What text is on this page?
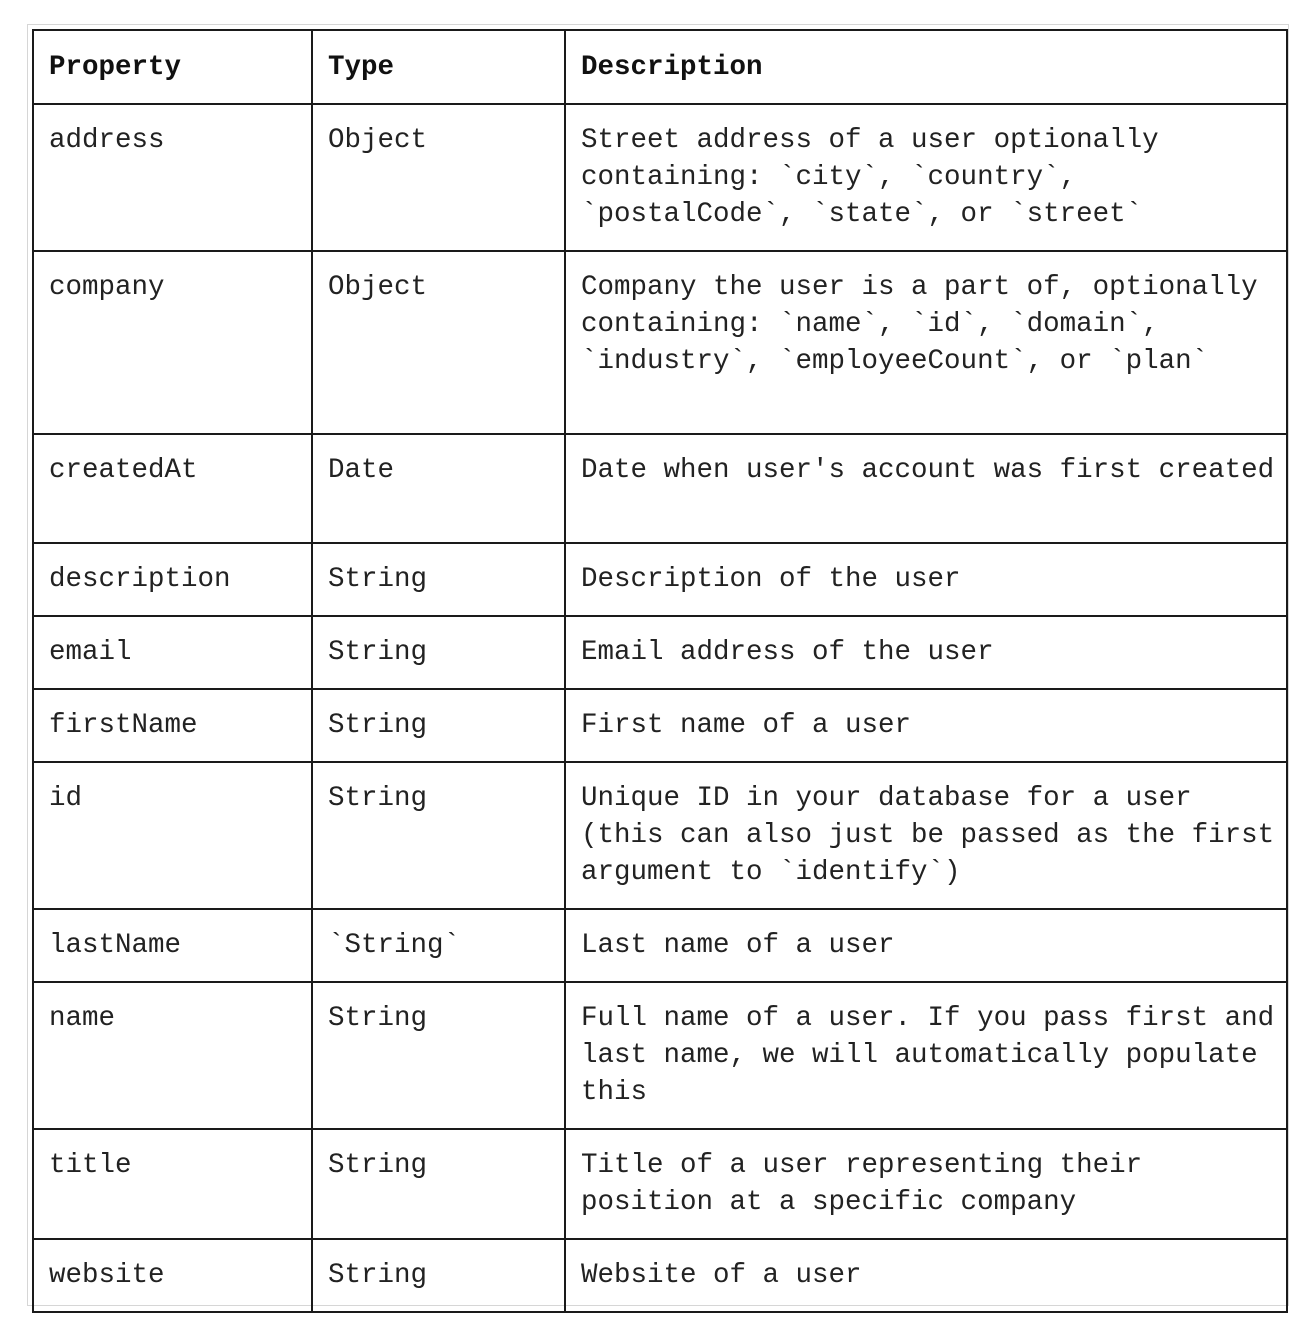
Property	Type	Description
address	Object	Street address of a user optionally containing: `city`, `country`, `postalCode`, `state`, or `street`
company	Object	Company the user is a part of, optionally containing: `name`, `id`, `domain`, `industry`, `employeeCount`, or `plan`
createdAt	Date	Date when user's account was first created
description	String	Description of the user
email	String	Email address of the user
firstName	String	First name of a user
id	String	Unique ID in your database for a user (this can also just be passed as the first argument to `identify`)
lastName	`String`	Last name of a user
name	String	Full name of a user. If you pass first and last name, we will automatically populate this
title	String	Title of a user representing their position at a specific company
website	String	Website of a user
